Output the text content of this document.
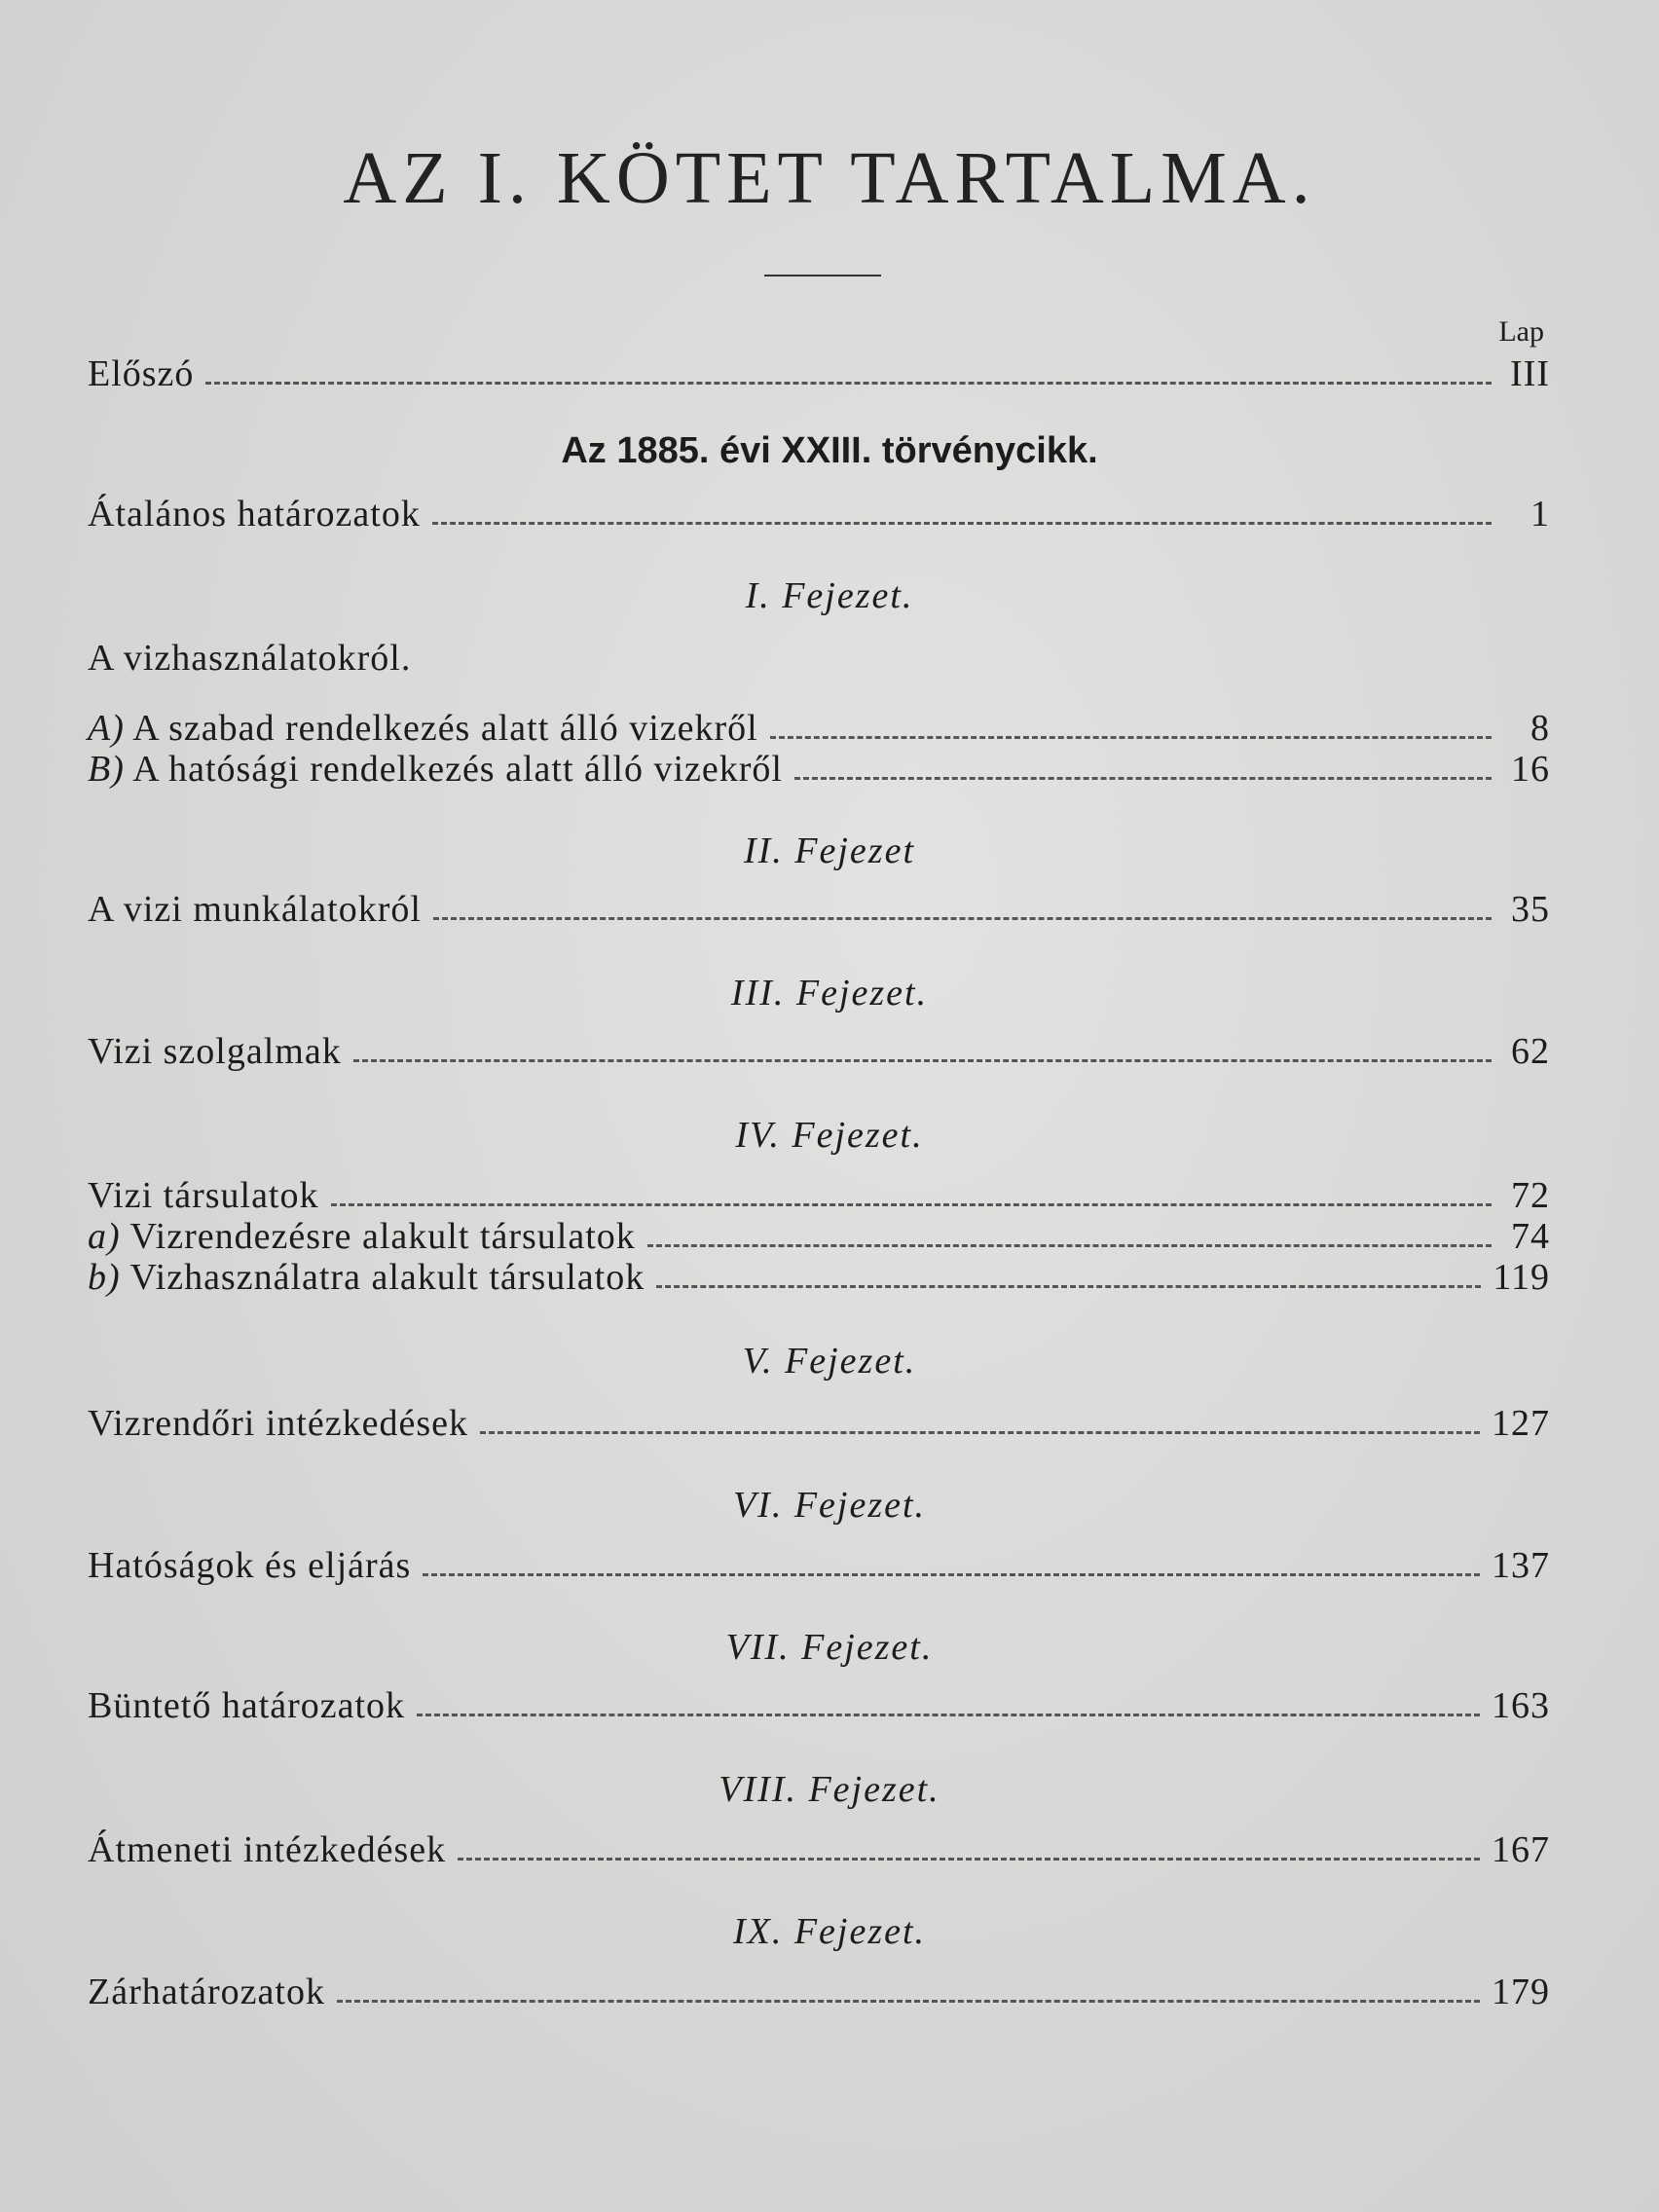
AZ I. KÖTET TARTALMA.
Lap
Előszó	III
Az 1885. évi XXIII. törvénycikk.
Átalános határozatok	1
I. Fejezet.
A vizhasználatokról.
A) A szabad rendelkezés alatt álló vizekről	8
B) A hatósági rendelkezés alatt álló vizekről	16
II. Fejezet
A vizi munkálatokról	35
III. Fejezet.
Vizi szolgalmak	62
IV. Fejezet.
Vizi társulatok	72
a) Vizrendezésre alakult társulatok	74
b) Vizhasználatra alakult társulatok	119
V. Fejezet.
Vizrendőri intézkedések	127
VI. Fejezet.
Hatóságok és eljárás	137
VII. Fejezet.
Büntető határozatok	163
VIII. Fejezet.
Átmeneti intézkedések	167
IX. Fejezet.
Zárhatározatok	179
